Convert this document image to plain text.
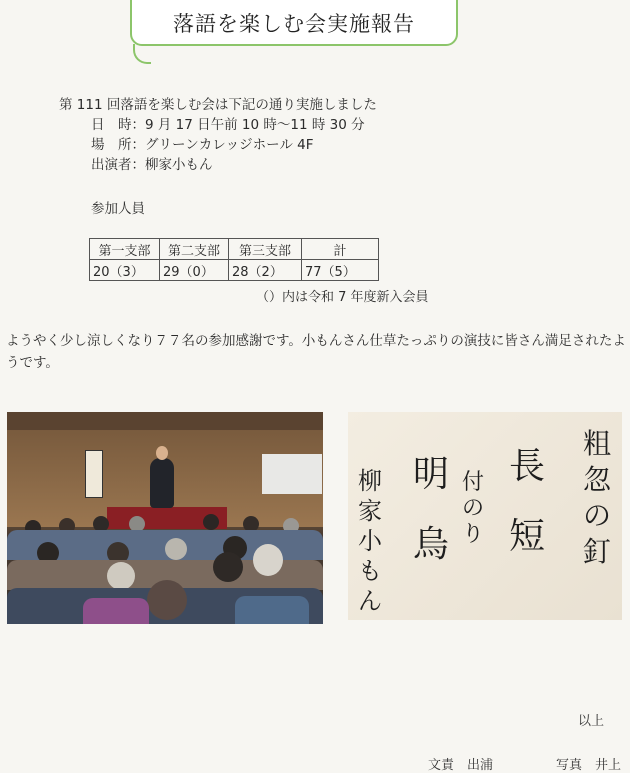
落語を楽しむ会実施報告
第 111 回落語を楽しむ会は下記の通り実施しました
日　時：9 月 17 日午前 10 時〜11 時 30 分
場　所：グリーンカレッジホール 4F
出演者：柳家小もん
参加人員
第一支部	第二支部	第三支部	計
20（3）	29（0）	28（2）	77（5）
（）内は令和 7 年度新入会員
ようやく少し涼しくなり７７名の参加感謝です。小もんさん仕草たっぷりの演技に皆さん満足されたようです。
粗
忽
の
釘
長
短
付
の
り
明
烏
柳
家
小
も
ん
以上
文責　出浦	写真　井上
